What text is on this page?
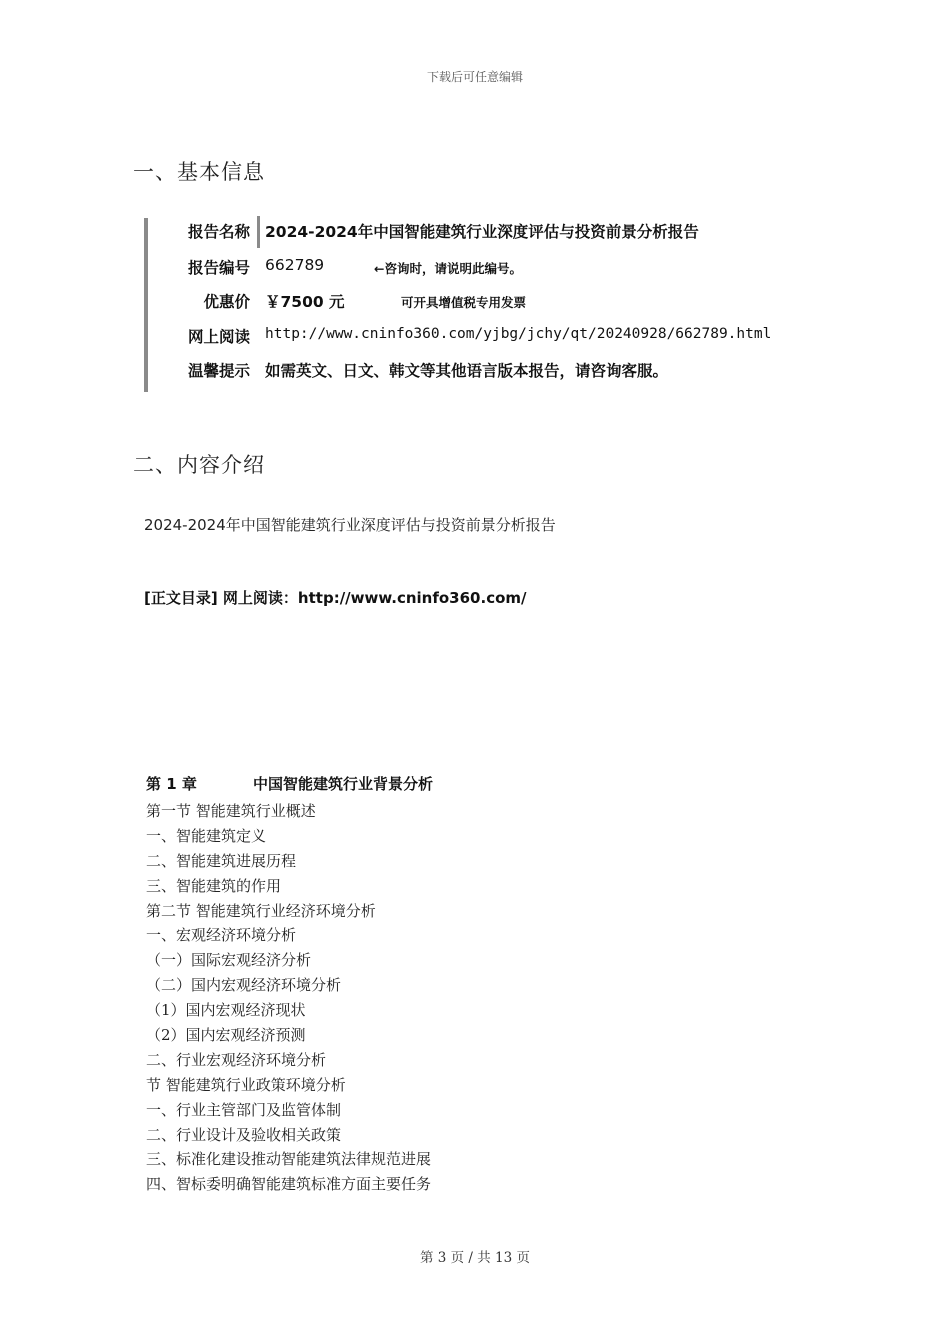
下载后可任意编辑
一、基本信息
报告名称 2024-2024年中国智能建筑行业深度评估与投资前景分析报告
报告编号 662789	←咨询时，请说明此编号。
优惠价 ￥7500 元	可开具增值税专用发票
网上阅读 http://www.cninfo360.com/yjbg/jchy/qt/20240928/662789.html
温馨提示 如需英文、日文、韩文等其他语言版本报告，请咨询客服。
二、内容介绍
2024-2024年中国智能建筑行业深度评估与投资前景分析报告
[正文目录] 网上阅读：http://www.cninfo360.com/
第 1 章	中国智能建筑行业背景分析
第一节 智能建筑行业概述
一、智能建筑定义
二、智能建筑进展历程
三、智能建筑的作用
第二节 智能建筑行业经济环境分析
一、宏观经济环境分析
（一）国际宏观经济分析
（二）国内宏观经济环境分析
（1）国内宏观经济现状
（2）国内宏观经济预测
二、行业宏观经济环境分析
节 智能建筑行业政策环境分析
一、行业主管部门及监管体制
二、行业设计及验收相关政策
三、标准化建设推动智能建筑法律规范进展
四、智标委明确智能建筑标准方面主要任务
第 3 页 / 共 13 页
